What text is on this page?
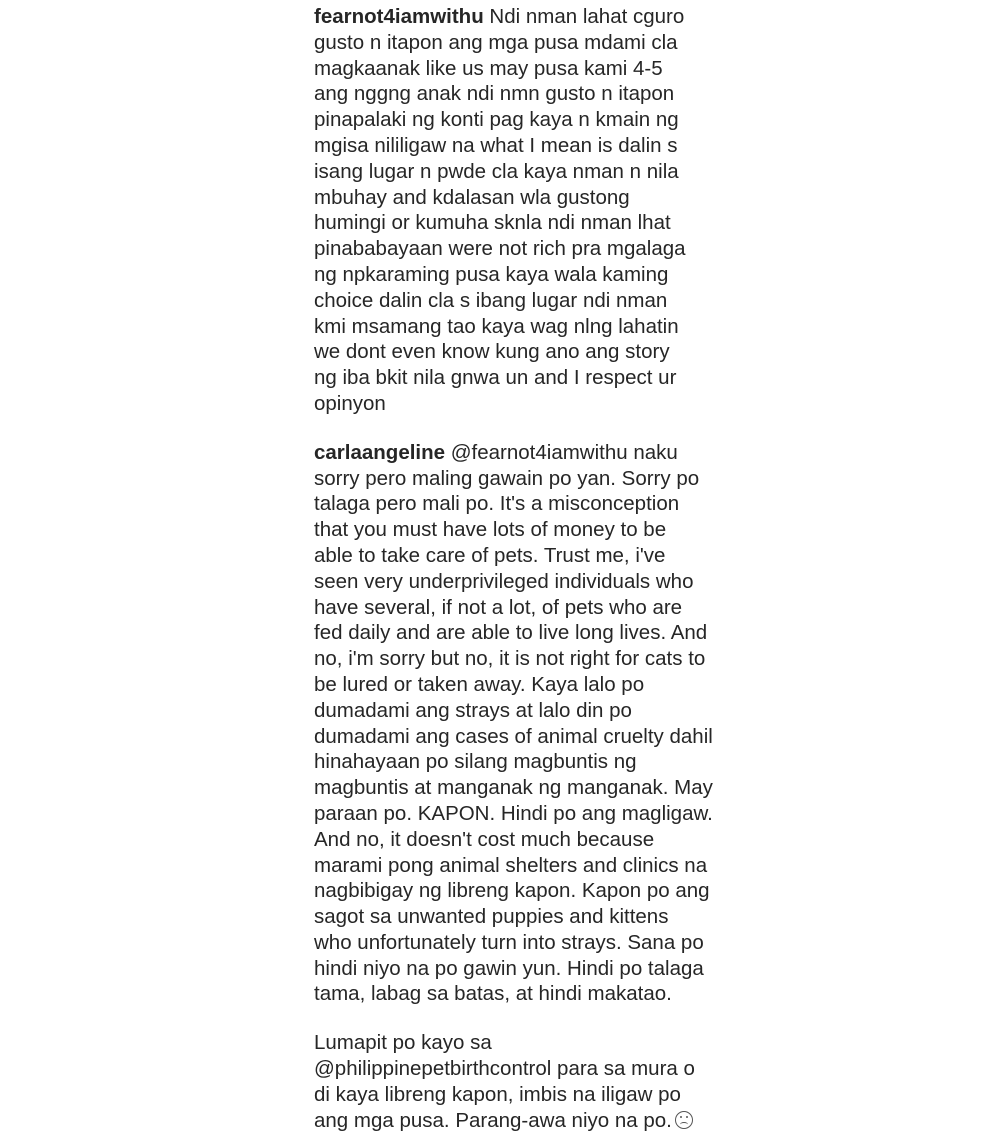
fearnot4iamwithu Ndi nman lahat cguro
gusto n itapon ang mga pusa mdami cla
magkaanak like us may pusa kami 4-5
ang nggng anak ndi nmn gusto n itapon
pinapalaki ng konti pag kaya n kmain ng
mgisa nililigaw na what I mean is dalin s
isang lugar n pwde cla kaya nman n nila
mbuhay and kdalasan wla gustong
humingi or kumuha sknla ndi nman lhat
pinababayaan were not rich pra mgalaga
ng npkaraming pusa kaya wala kaming
choice dalin cla s ibang lugar ndi nman
kmi msamang tao kaya wag nlng lahatin
we dont even know kung ano ang story
ng iba bkit nila gnwa un and I respect ur
opinyon
carlaangeline @fearnot4iamwithu naku
sorry pero maling gawain po yan. Sorry po
talaga pero mali po. It's a misconception
that you must have lots of money to be
able to take care of pets. Trust me, i've
seen very underprivileged individuals who
have several, if not a lot, of pets who are
fed daily and are able to live long lives. And
no, i'm sorry but no, it is not right for cats to
be lured or taken away. Kaya lalo po
dumadami ang strays at lalo din po
dumadami ang cases of animal cruelty dahil
hinahayaan po silang magbuntis ng
magbuntis at manganak ng manganak. May
paraan po. KAPON. Hindi po ang magligaw.
And no, it doesn't cost much because
marami pong animal shelters and clinics na
nagbibigay ng libreng kapon. Kapon po ang
sagot sa unwanted puppies and kittens
who unfortunately turn into strays. Sana po
hindi niyo na po gawin yun. Hindi po talaga
tama, labag sa batas, at hindi makatao.
Lumapit po kayo sa
@philippinepetbirthcontrol para sa mura o
di kaya libreng kapon, imbis na iligaw po
ang mga pusa. Parang-awa niyo na po.
